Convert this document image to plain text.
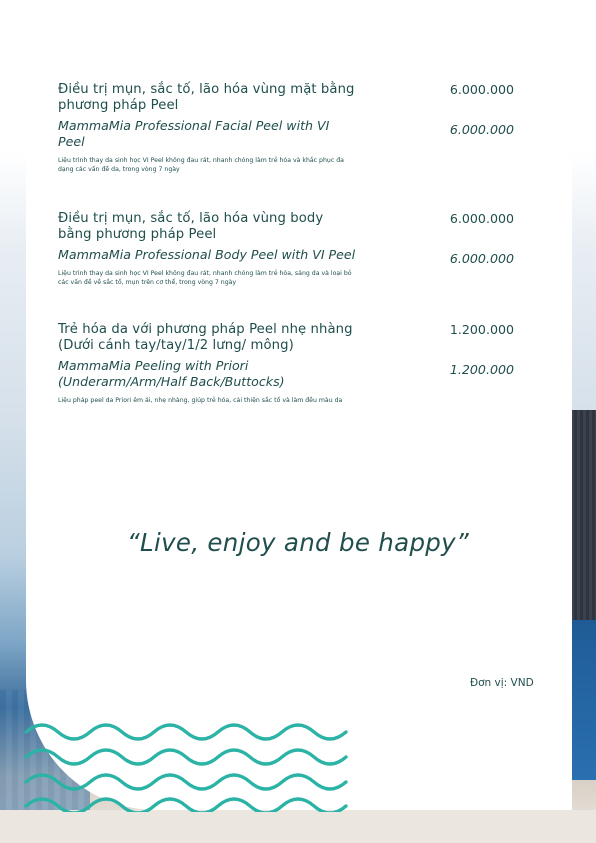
Điều trị mụn, sắc tố, lão hóa vùng mặt bằng phương pháp Peel
6.000.000
MammaMia Professional Facial Peel with VI Peel
6.000.000
Liệu trình thay da sinh học VI Peel không đau rát, nhanh chóng làm trẻ hóa và khắc phục đa dạng các vấn đề da, trong vòng 7 ngày
Điều trị mụn, sắc tố, lão hóa vùng body bằng phương pháp Peel
6.000.000
MammaMia Professional Body Peel with VI Peel	6.000.000
Liệu trình thay da sinh học VI Peel không đau rát, nhanh chóng làm trẻ hóa, sáng da và loại bỏ các vấn đề về sắc tố, mụn trên cơ thể, trong vòng 7 ngày
Trẻ hóa da với phương pháp Peel nhẹ nhàng (Dưới cánh tay/tay/1/2 lưng/ mông)
1.200.000
MammaMia Peeling with Priori (Underarm/Arm/Half Back/Buttocks)
1.200.000
Liệu pháp peel da Priori êm ái, nhẹ nhàng, giúp trẻ hóa, cải thiện sắc tố và làm đều màu da
“Live, enjoy and be happy”
Đơn vị: VND
